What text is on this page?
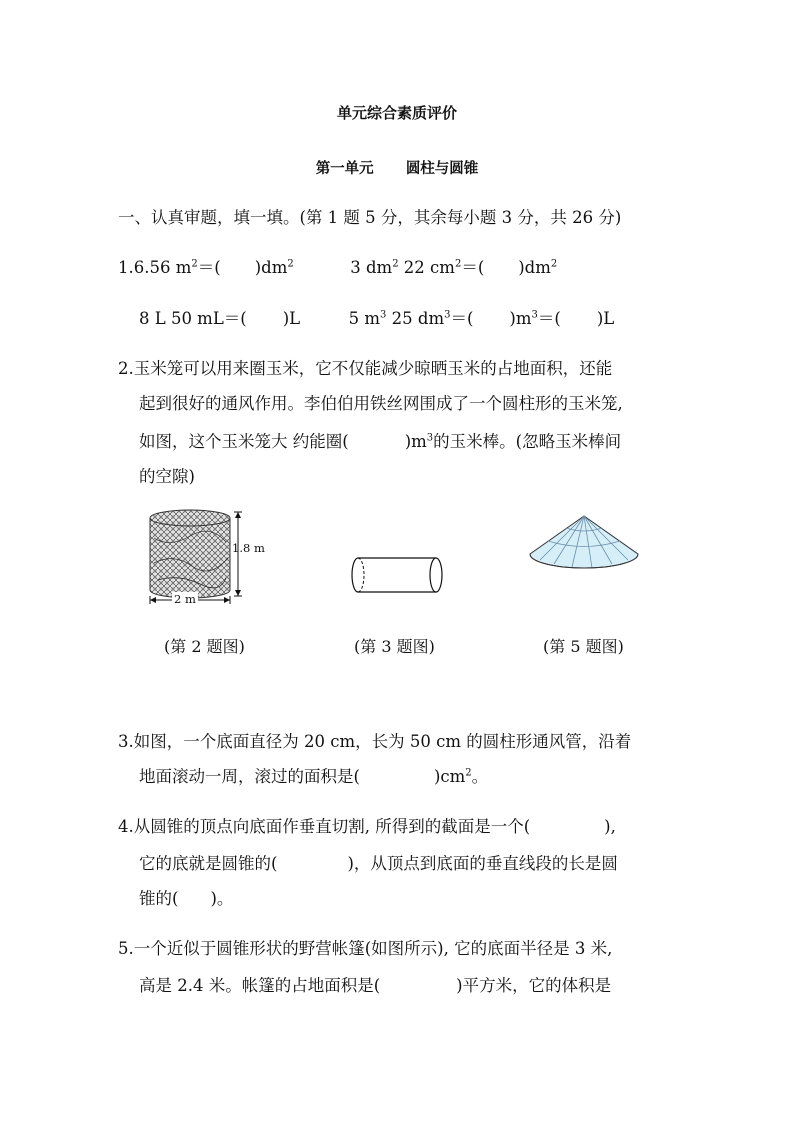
单元综合素质评价
第一单元 圆柱与圆锥
一、认真审题，填一填。(第 1 题 5 分，其余每小题 3 分，共 26 分)
1.6.56 $m^2=$( )$dm^2$	3 $dm^2$ 22 $cm^2=$( )$dm^2$
8 L 50 mL＝( )L	5 $m^3$ 25 $dm^3=$( )$m^3=$( )L
2.玉米笼可以用来圈玉米，它不仅能减少晾晒玉米的占地面积，还能
起到很好的通风作用。李伯伯用铁丝网围成了一个圆柱形的玉米笼,
如图，这个玉米笼大 约能圈(	)$m^3$的玉米棒。(忽略玉米棒间
的空隙)
1.8 m
2 m
(第 2 题图)	(第 3 题图)	(第 5 题图)
3.如图，一个底面直径为 20 cm，长为 50 cm 的圆柱形通风管，沿着
地面滚动一周，滚过的面积是(	)$cm^2$。
4.从圆锥的顶点向底面作垂直切割, 所得到的截面是一个(	),
它的底就是圆锥的(	)，从顶点到底面的垂直线段的长是圆
锥的( )。
5.一个近似于圆锥形状的野营帐篷(如图所示), 它的底面半径是 3 米,
高是 2.4 米。帐篷的占地面积是(	)平方米，它的体积是
